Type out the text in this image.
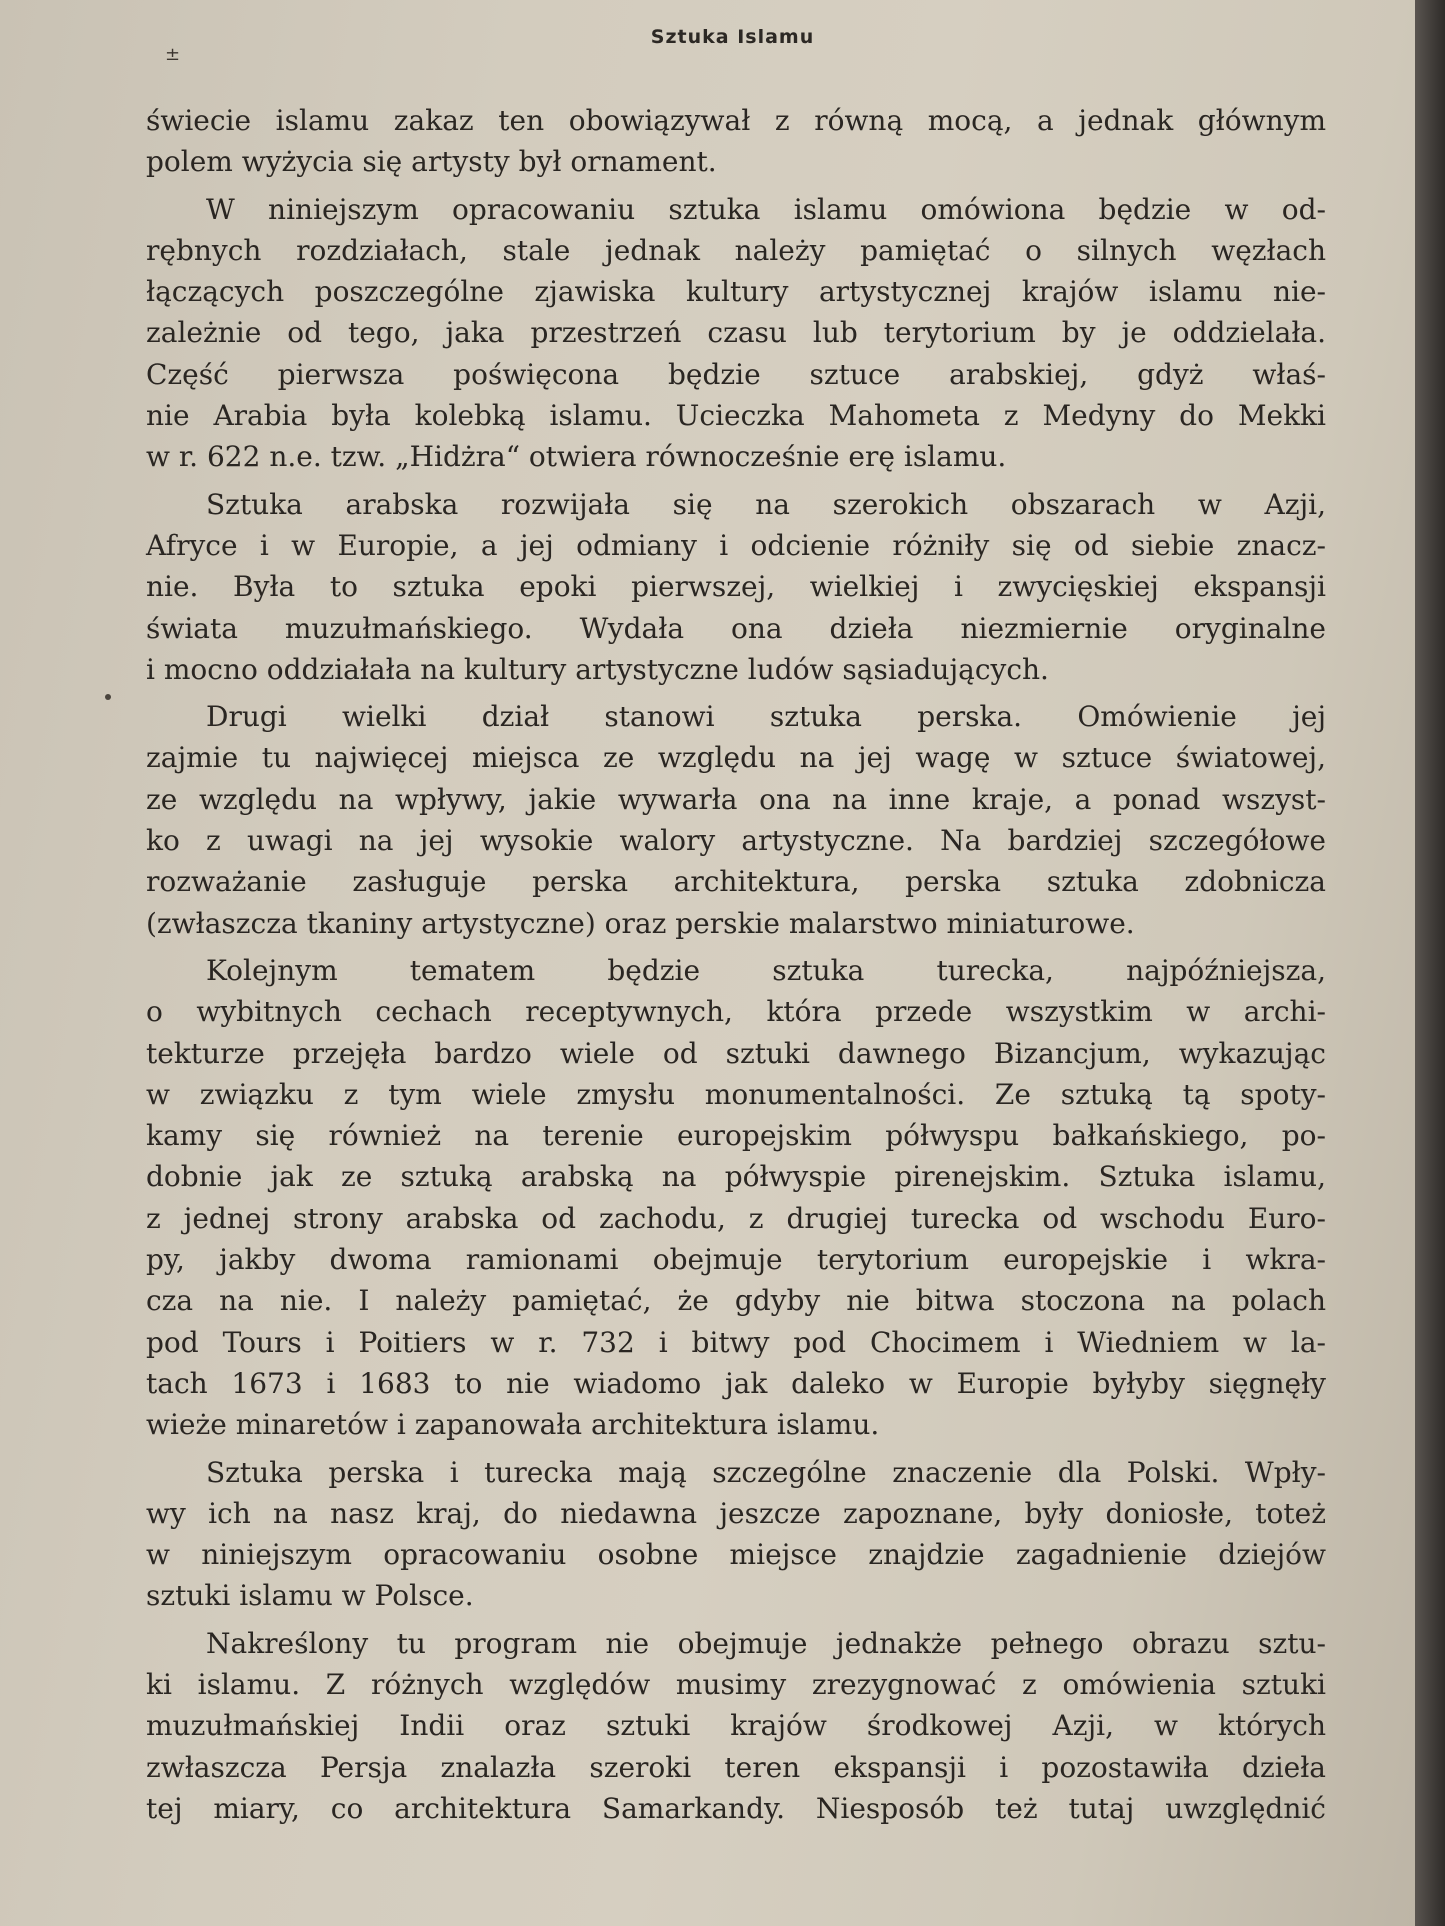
Sztuka Islamu
±
świecie islamu zakaz ten obowiązywał z równą mocą, a jednak głównym
polem wyżycia się artysty był ornament.
W niniejszym opracowaniu sztuka islamu omówiona będzie w od-
rębnych rozdziałach, stale jednak należy pamiętać o silnych węzłach
łączących poszczególne zjawiska kultury artystycznej krajów islamu nie-
zależnie od tego, jaka przestrzeń czasu lub terytorium by je oddzielała.
Część pierwsza poświęcona będzie sztuce arabskiej, gdyż właś-
nie Arabia była kolebką islamu. Ucieczka Mahometa z Medyny do Mekki
w r. 622 n.e. tzw. „Hidżra“ otwiera równocześnie erę islamu.
Sztuka arabska rozwijała się na szerokich obszarach w Azji,
Afryce i w Europie, a jej odmiany i odcienie różniły się od siebie znacz-
nie. Była to sztuka epoki pierwszej, wielkiej i zwycięskiej ekspansji
świata muzułmańskiego. Wydała ona dzieła niezmiernie oryginalne
i mocno oddziałała na kultury artystyczne ludów sąsiadujących.
Drugi wielki dział stanowi sztuka perska. Omówienie jej
zajmie tu najwięcej miejsca ze względu na jej wagę w sztuce światowej,
ze względu na wpływy, jakie wywarła ona na inne kraje, a ponad wszyst-
ko z uwagi na jej wysokie walory artystyczne. Na bardziej szczegółowe
rozważanie zasługuje perska architektura, perska sztuka zdobnicza
(zwłaszcza tkaniny artystyczne) oraz perskie malarstwo miniaturowe.
Kolejnym tematem będzie sztuka turecka, najpóźniejsza,
o wybitnych cechach receptywnych, która przede wszystkim w archi-
tekturze przejęła bardzo wiele od sztuki dawnego Bizancjum, wykazując
w związku z tym wiele zmysłu monumentalności. Ze sztuką tą spoty-
kamy się również na terenie europejskim półwyspu bałkańskiego, po-
dobnie jak ze sztuką arabską na półwyspie pirenejskim. Sztuka islamu,
z jednej strony arabska od zachodu, z drugiej turecka od wschodu Euro-
py, jakby dwoma ramionami obejmuje terytorium europejskie i wkra-
cza na nie. I należy pamiętać, że gdyby nie bitwa stoczona na polach
pod Tours i Poitiers w r. 732 i bitwy pod Chocimem i Wiedniem w la-
tach 1673 i 1683 to nie wiadomo jak daleko w Europie byłyby sięgnęły
wieże minaretów i zapanowała architektura islamu.
Sztuka perska i turecka mają szczególne znaczenie dla Polski. Wpły-
wy ich na nasz kraj, do niedawna jeszcze zapoznane, były doniosłe, toteż
w niniejszym opracowaniu osobne miejsce znajdzie zagadnienie dziejów
sztuki islamu w Polsce.
Nakreślony tu program nie obejmuje jednakże pełnego obrazu sztu-
ki islamu. Z różnych względów musimy zrezygnować z omówienia sztuki
muzułmańskiej Indii oraz sztuki krajów środkowej Azji, w których
zwłaszcza Persja znalazła szeroki teren ekspansji i pozostawiła dzieła
tej miary, co architektura Samarkandy. Niesposób też tutaj uwzględnić
